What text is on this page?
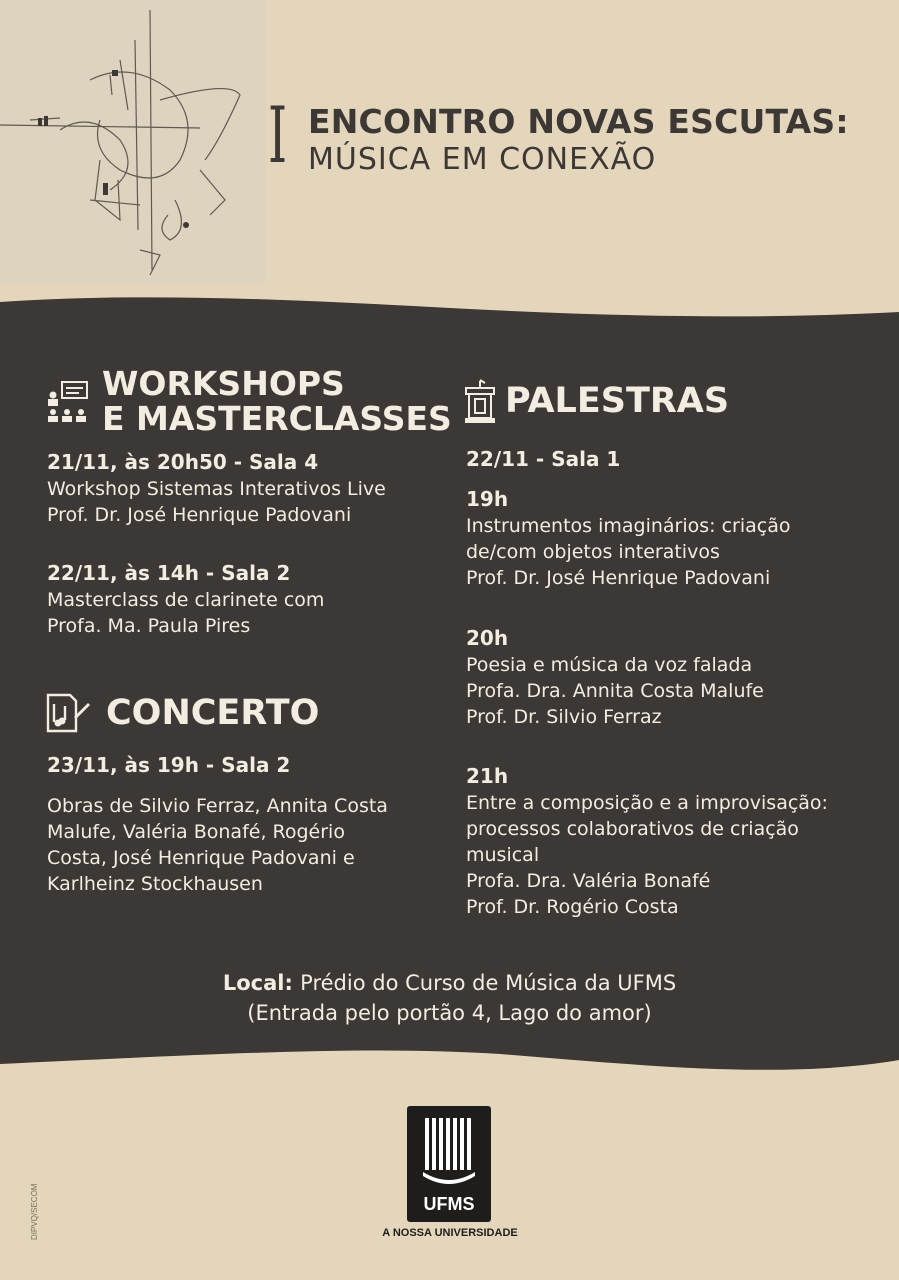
I ENCONTRO NOVAS ESCUTAS:
MÚSICA EM CONEXÃO
WORKSHOPS
E MASTERCLASSES
21/11, às 20h50 - Sala 4
Workshop Sistemas Interativos Live
Prof. Dr. José Henrique Padovani
22/11, às 14h - Sala 2
Masterclass de clarinete com
Profa. Ma. Paula Pires
CONCERTO
23/11, às 19h - Sala 2
Obras de Silvio Ferraz, Annita Costa
Malufe, Valéria Bonafé, Rogério
Costa, José Henrique Padovani e
Karlheinz Stockhausen
PALESTRAS
22/11 - Sala 1
19h
Instrumentos imaginários: criação
de/com objetos interativos
Prof. Dr. José Henrique Padovani
20h
Poesia e música da voz falada
Profa. Dra. Annita Costa Malufe
Prof. Dr. Silvio Ferraz
21h
Entre a composição e a improvisação:
processos colaborativos de criação
musical
Profa. Dra. Valéria Bonafé
Prof. Dr. Rogério Costa
Local: Prédio do Curso de Música da UFMS
(Entrada pelo portão 4, Lago do amor)
UFMS
A NOSSA UNIVERSIDADE
DIPVQ/SECOM
